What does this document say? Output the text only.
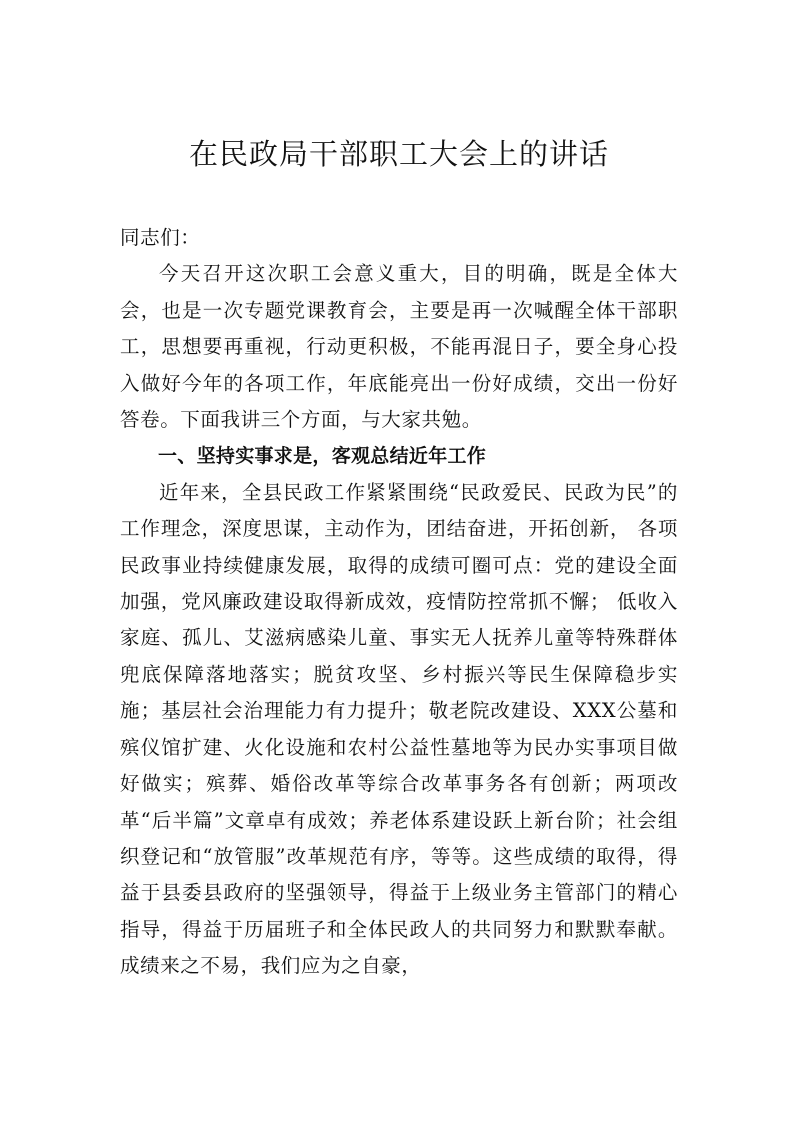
在民政局干部职工大会上的讲话

同志们：

今天召开这次职工会意义重大，目的明确，既是全体大会，也是一次专题党课教育会，主要是再一次喊醒全体干部职工，思想要再重视，行动更积极，不能再混日子，要全身心投入做好今年的各项工作，年底能亮出一份好成绩，交出一份好答卷。下面我讲三个方面，与大家共勉。

一、坚持实事求是，客观总结近年工作

近年来，全县民政工作紧紧围绕“民政爱民、民政为民”的工作理念，深度思谋，主动作为，团结奋进，开拓创新， 各项民政事业持续健康发展，取得的成绩可圈可点：党的建设全面加强，党风廉政建设取得新成效，疫情防控常抓不懈； 低收入家庭、孤儿、艾滋病感染儿童、事实无人抚养儿童等特殊群体兜底保障落地落实；脱贫攻坚、乡村振兴等民生保障稳步实施；基层社会治理能力有力提升；敬老院改建设、XXX公墓和殡仪馆扩建、火化设施和农村公益性墓地等为民办实事项目做好做实；殡葬、婚俗改革等综合改革事务各有创新；两项改革“后半篇”文章卓有成效；养老体系建设跃上新台阶；社会组织登记和“放管服”改革规范有序，等等。这些成绩的取得，得益于县委县政府的坚强领导，得益于上级业务主管部门的精心指导，得益于历届班子和全体民政人的共同努力和默默奉献。成绩来之不易，我们应为之自豪，
